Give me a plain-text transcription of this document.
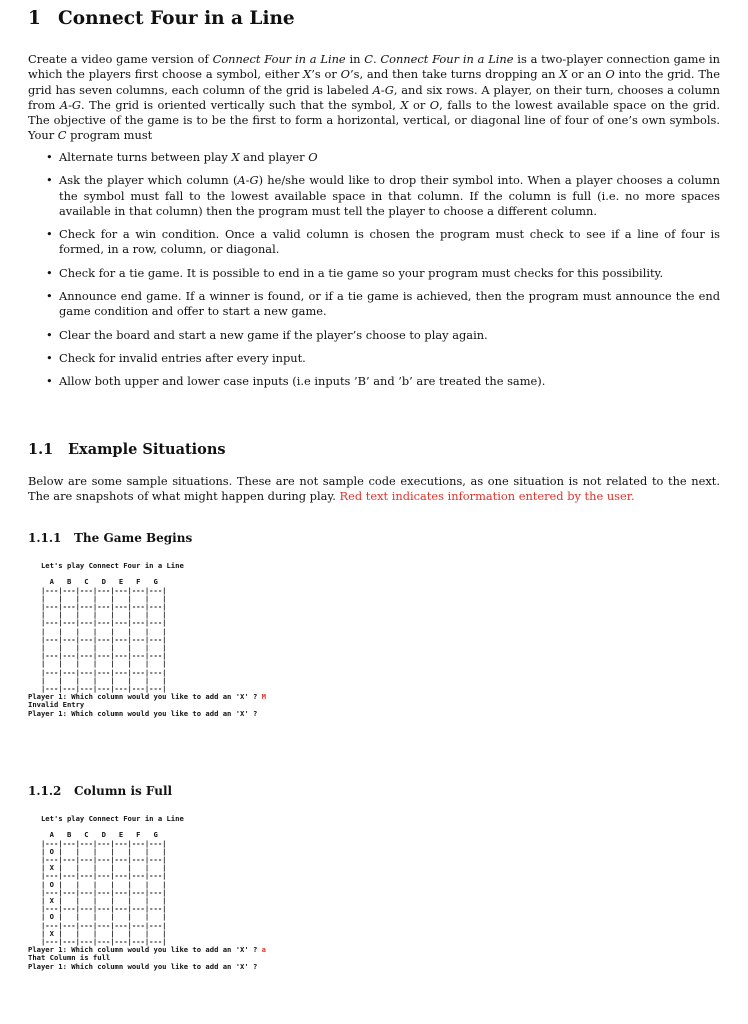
1 Connect Four in a Line

Create a video game version of Connect Four in a Line in C. Connect Four in a Line is a two-player connection game in which the players first choose a symbol, either X’s or O’s, and then take turns dropping an X or an O into the grid. The grid has seven columns, each column of the grid is labeled A-G, and six rows. A player, on their turn, chooses a column from A-G. The grid is oriented vertically such that the symbol, X or O, falls to the lowest available space on the grid. The objective of the game is to be the first to form a horizontal, vertical, or diagonal line of four of one’s own symbols. Your C program must

• Alternate turns between play X and player O
• Ask the player which column (A-G) he/she would like to drop their symbol into. When a player chooses a column the symbol must fall to the lowest available space in that column. If the column is full (i.e. no more spaces available in that column) then the program must tell the player to choose a different column.
• Check for a win condition. Once a valid column is chosen the program must check to see if a line of four is formed, in a row, column, or diagonal.
• Check for a tie game. It is possible to end in a tie game so your program must checks for this possibility.
• Announce end game. If a winner is found, or if a tie game is achieved, then the program must announce the end game condition and offer to start a new game.
• Clear the board and start a new game if the player’s choose to play again.
• Check for invalid entries after every input.
• Allow both upper and lower case inputs (i.e inputs ’B’ and ’b’ are treated the same).
1.1 Example Situations

Below are some sample situations. These are not sample code executions, as one situation is not related to the next. The are snapshots of what might happen during play. Red text indicates information entered by the user.

1.1.1 The Game Begins
Let's play Connect Four in a Line

A   B   C   D   E   F   G
|---|---|---|---|---|---|---|
|   |   |   |   |   |   |   |
|---|---|---|---|---|---|---|
|   |   |   |   |   |   |   |
|---|---|---|---|---|---|---|
|   |   |   |   |   |   |   |
|---|---|---|---|---|---|---|
|   |   |   |   |   |   |   |
|---|---|---|---|---|---|---|
|   |   |   |   |   |   |   |
|---|---|---|---|---|---|---|
|   |   |   |   |   |   |   |
|---|---|---|---|---|---|---|
Player 1: Which column would you like to add an 'X' ? M
Invalid Entry
Player 1: Which column would you like to add an 'X' ?
1.1.2 Column is Full
Let's play Connect Four in a Line

A   B   C   D   E   F   G
|---|---|---|---|---|---|---|
| O |   |   |   |   |   |   |
|---|---|---|---|---|---|---|
| X |   |   |   |   |   |   |
|---|---|---|---|---|---|---|
| O |   |   |   |   |   |   |
|---|---|---|---|---|---|---|
| X |   |   |   |   |   |   |
|---|---|---|---|---|---|---|
| O |   |   |   |   |   |   |
|---|---|---|---|---|---|---|
| X |   |   |   |   |   |   |
|---|---|---|---|---|---|---|
Player 1: Which column would you like to add an 'X' ? a
That Column is full
Player 1: Which column would you like to add an 'X' ?
